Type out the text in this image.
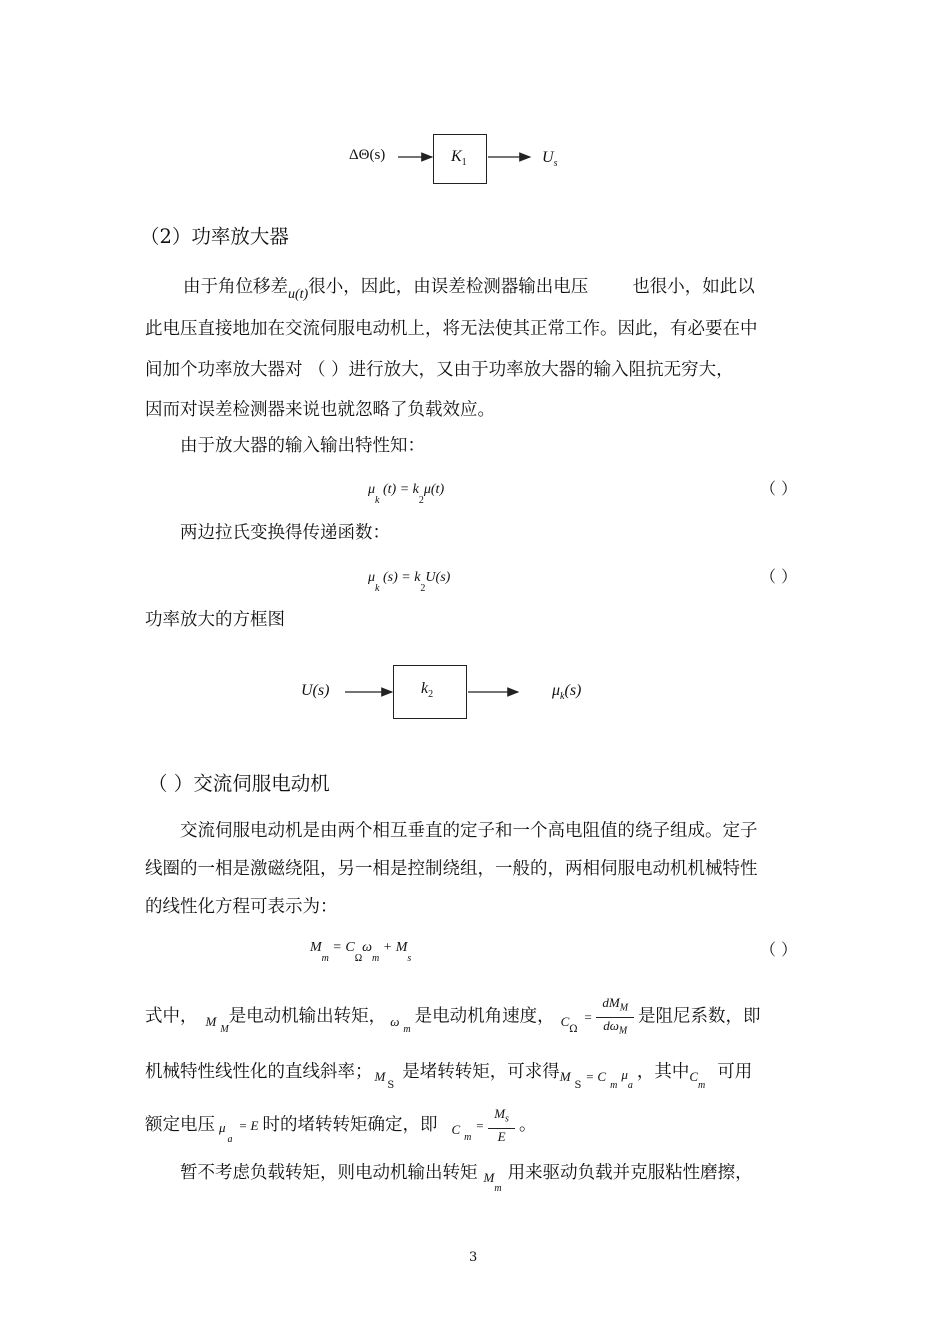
ΔΘ(s)	$K_1$	$U_s$
U(s)	$k_2$	$\mu_k(s)$
（2）功率放大器
由于角位移差$_{u(t)}$很小，因此，由误差检测器输出电压	也很小，如此以
此电压直接地加在交流伺服电动机上，将无法使其正常工作。因此，有必要在中
间加个功率放大器对 （ ）进行放大，又由于功率放大器的输入阻抗无穷大，
因而对误差检测器来说也就忽略了负载效应。
由于放大器的输入输出特性知：
$\mu_k$ $(t) = k_2\mu(t)$	（ ）
两边拉氏变换得传递函数：
$\mu_k$ $(s) = k_2U(s)$	（ ）
功率放大的方框图
（ ）交流伺服电动机
交流伺服电动机是由两个相互垂直的定子和一个高电阻值的绕子组成。定子
线圈的一相是激磁绕阻，另一相是控制绕组，一般的，两相伺服电动机机械特性
的线性化方程可表示为：
$M_m = C_\Omega\omega_m + M_s$	（ ）
式中， $_{MM}$是电动机输出转矩， $_{\omega m}$是电动机角速度， $_{C\Omega}$=
$dM_M$
$d\omega_M$
是阻尼系数，即
机械特性线性化的直线斜率； $_{MS}$是堵转转矩，可求得$_{MS= Cm}\mu_a$，其中$_{Cm}$可用
额定电压 $\mu_a= E$ 时的堵转转矩确定，即 $_{Cm}= \frac{M_s}{E}$ 。
暂不考虑负载转矩，则电动机输出转矩 $_{Mm}$用来驱动负载并克服粘性磨擦，
3
